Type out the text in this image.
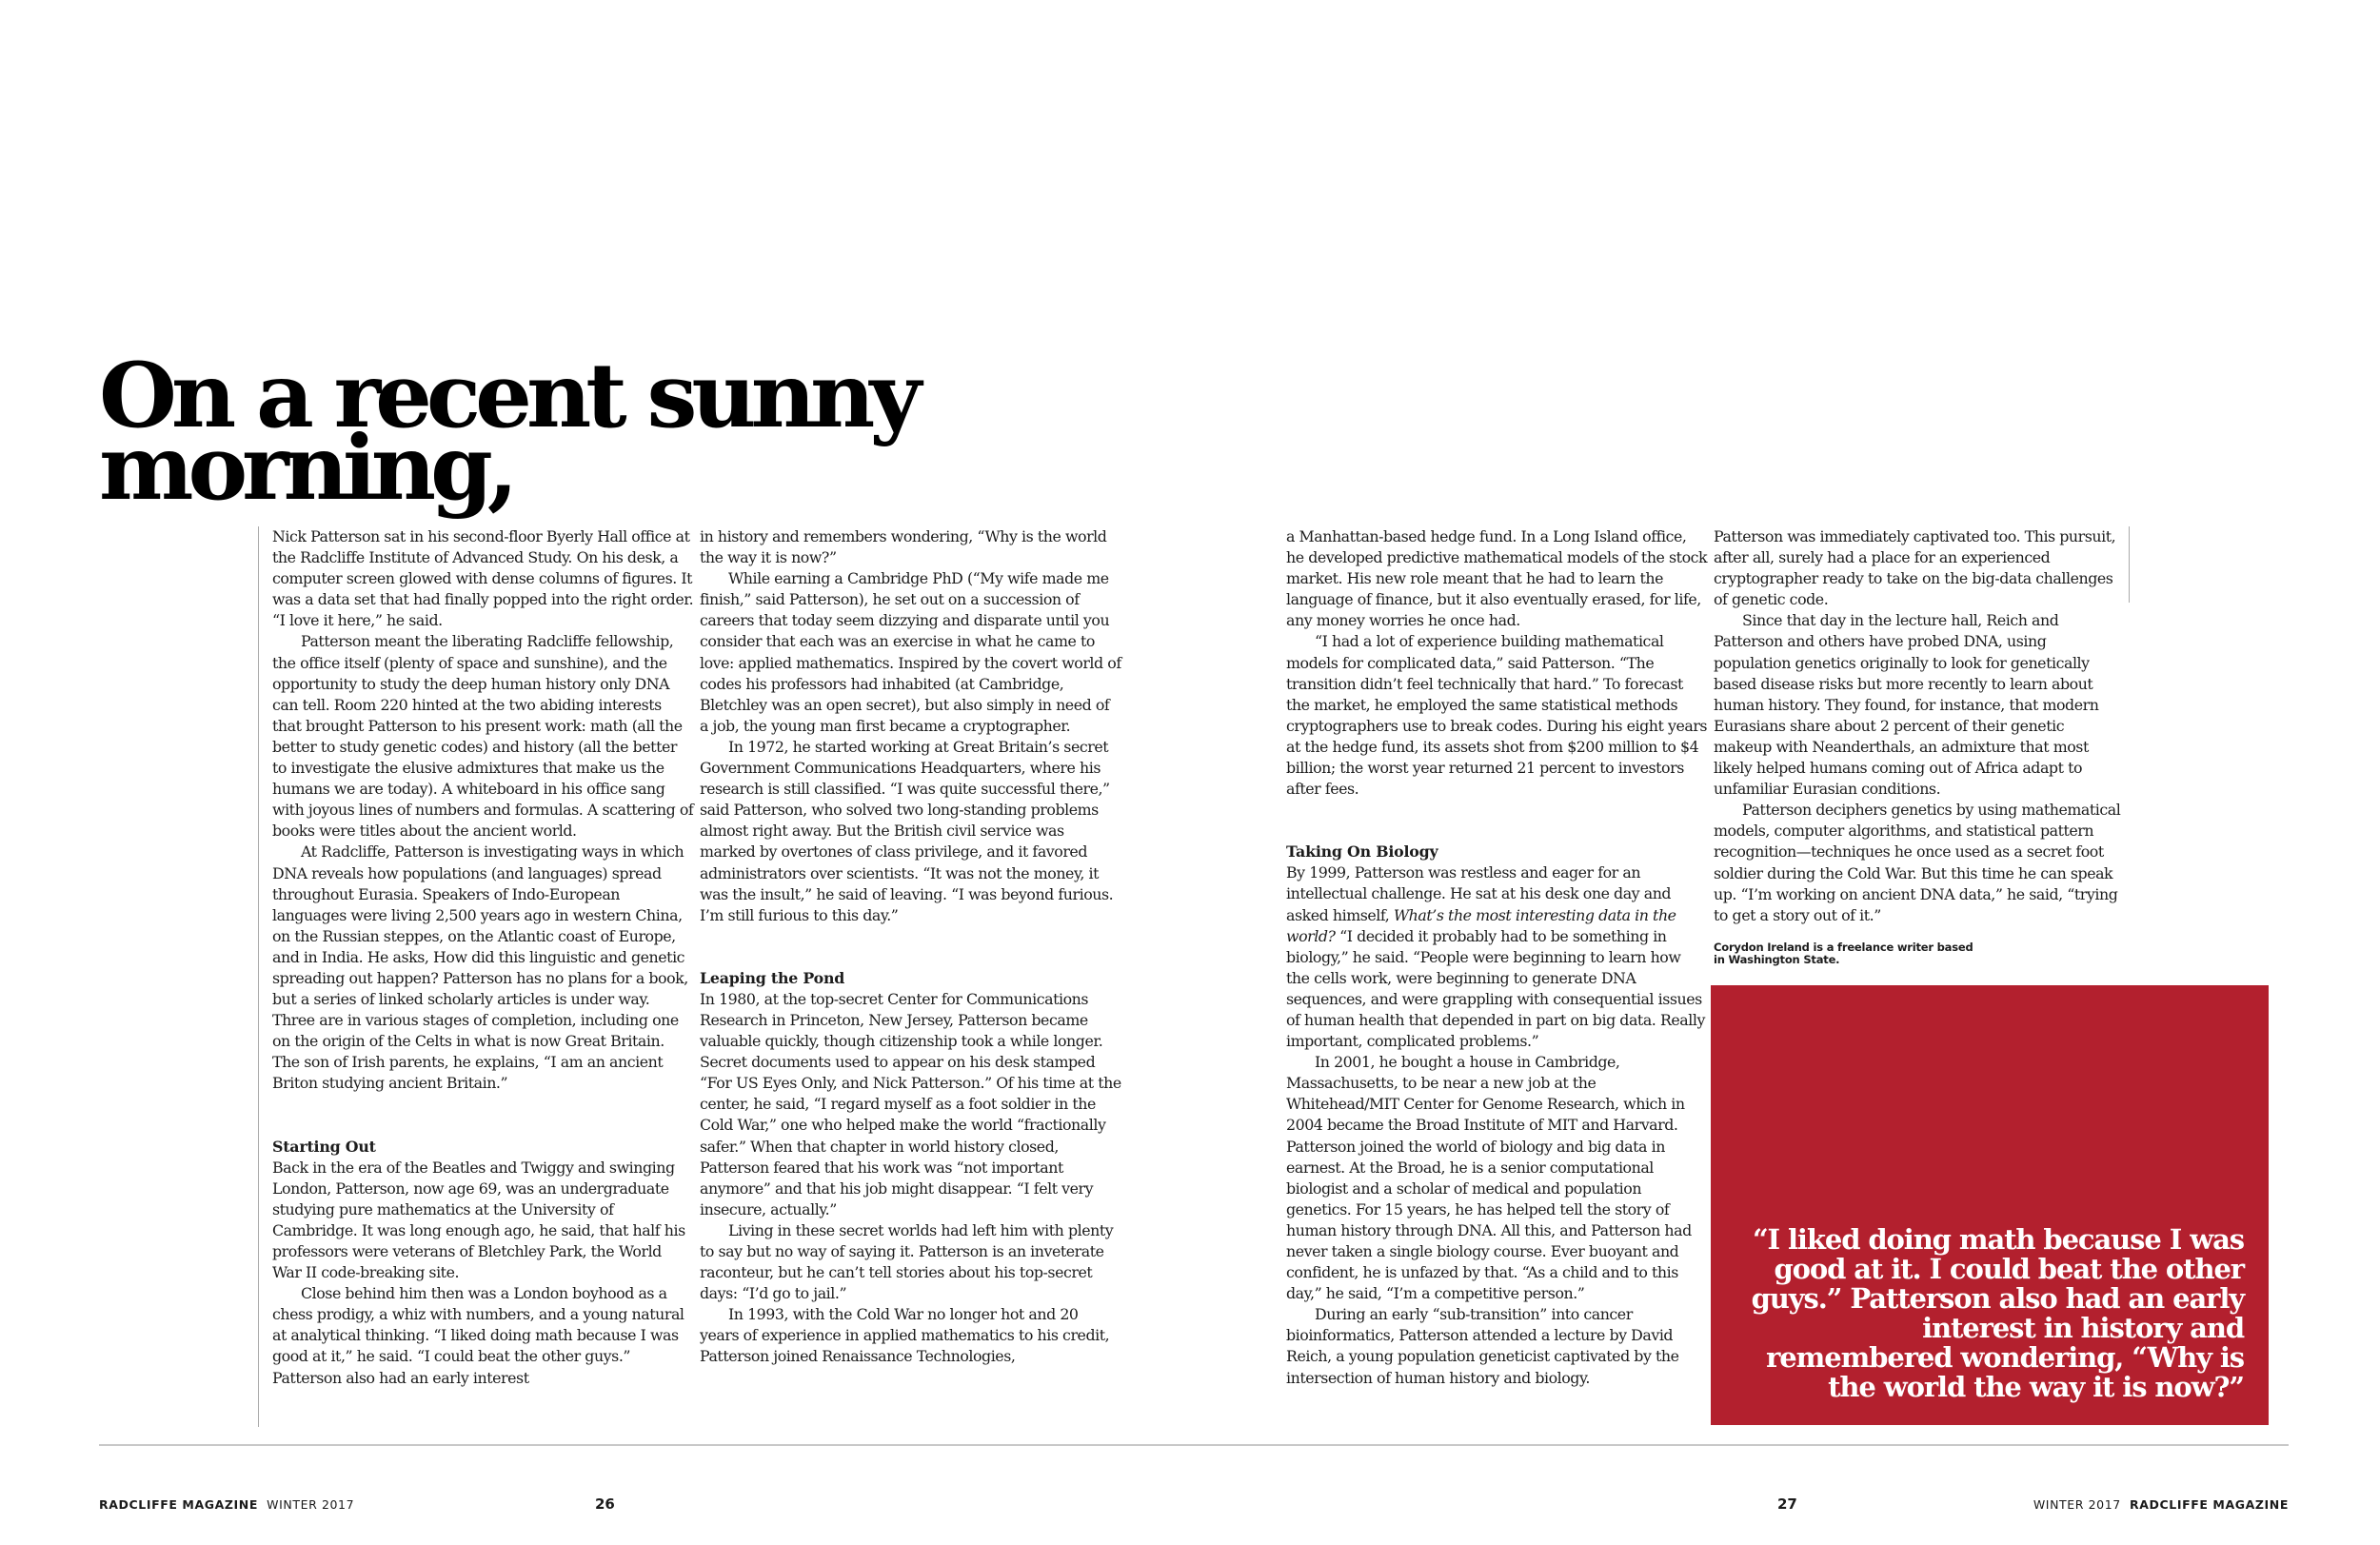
On a recent sunny morning,

Nick Patterson sat in his second-floor Byerly Hall office at the Radcliffe Institute of Advanced Study. On his desk, a computer screen glowed with dense columns of figures. It was a data set that had finally popped into the right order. “I love it here,” he said.

Patterson meant the liberating Radcliffe fellowship, the office itself (plenty of space and sunshine), and the opportunity to study the deep human history only DNA can tell. Room 220 hinted at the two abiding interests that brought Patterson to his present work: math (all the better to study genetic codes) and history (all the better to investigate the elusive admixtures that make us the humans we are today). A whiteboard in his office sang with joyous lines of numbers and formulas. A scattering of books were titles about the ancient world.

At Radcliffe, Patterson is investigating ways in which DNA reveals how populations (and languages) spread throughout Eurasia. Speakers of Indo-European languages were living 2,500 years ago in western China, on the Russian steppes, on the Atlantic coast of Europe, and in India. He asks, How did this linguistic and genetic spreading out happen? Patterson has no plans for a book, but a series of linked scholarly articles is under way. Three are in various stages of completion, including one on the origin of the Celts in what is now Great Britain. The son of Irish parents, he explains, “I am an ancient Briton studying ancient Britain.”

Starting Out

Back in the era of the Beatles and Twiggy and swinging London, Patterson, now age 69, was an undergraduate studying pure mathematics at the University of Cambridge. It was long enough ago, he said, that half his professors were veterans of Bletchley Park, the World War II code-breaking site.

Close behind him then was a London boyhood as a chess prodigy, a whiz with numbers, and a young natural at analytical thinking. “I liked doing math because I was good at it,” he said. “I could beat the other guys.” Patterson also had an early interest

in history and remembers wondering, “Why is the world the way it is now?”

While earning a Cambridge PhD (“My wife made me finish,” said Patterson), he set out on a succession of careers that today seem dizzying and disparate until you consider that each was an exercise in what he came to love: applied mathematics. Inspired by the covert world of codes his professors had inhabited (at Cambridge, Bletchley was an open secret), but also simply in need of a job, the young man first became a cryptographer.

In 1972, he started working at Great Britain’s secret Government Communications Headquarters, where his research is still classified. “I was quite successful there,” said Patterson, who solved two long-standing problems almost right away. But the British civil service was marked by overtones of class privilege, and it favored administrators over scientists. “It was not the money, it was the insult,” he said of leaving. “I was beyond furious. I’m still furious to this day.”

Leaping the Pond

In 1980, at the top-secret Center for Communications Research in Princeton, New Jersey, Patterson became valuable quickly, though citizenship took a while longer. Secret documents used to appear on his desk stamped “For US Eyes Only, and Nick Patterson.” Of his time at the center, he said, “I regard myself as a foot soldier in the Cold War,” one who helped make the world “fractionally safer.” When that chapter in world history closed, Patterson feared that his work was “not important anymore” and that his job might disappear. “I felt very insecure, actually.”

Living in these secret worlds had left him with plenty to say but no way of saying it. Patterson is an inveterate raconteur, but he can’t tell stories about his top-secret days: “I’d go to jail.”

In 1993, with the Cold War no longer hot and 20 years of experience in applied mathematics to his credit, Patterson joined Renaissance Technologies,

a Manhattan-based hedge fund. In a Long Island office, he developed predictive mathematical models of the stock market. His new role meant that he had to learn the language of finance, but it also eventually erased, for life, any money worries he once had.

“I had a lot of experience building mathematical models for complicated data,” said Patterson. “The transition didn’t feel technically that hard.” To forecast the market, he employed the same statistical methods cryptographers use to break codes. During his eight years at the hedge fund, its assets shot from $200 million to $4 billion; the worst year returned 21 percent to investors after fees.

Taking On Biology

By 1999, Patterson was restless and eager for an intellectual challenge. He sat at his desk one day and asked himself, What’s the most interesting data in the world? “I decided it probably had to be something in biology,” he said. “People were beginning to learn how the cells work, were beginning to generate DNA sequences, and were grappling with consequential issues of human health that depended in part on big data. Really important, complicated problems.”

In 2001, he bought a house in Cambridge, Massachusetts, to be near a new job at the Whitehead/MIT Center for Genome Research, which in 2004 became the Broad Institute of MIT and Harvard. Patterson joined the world of biology and big data in earnest. At the Broad, he is a senior computational biologist and a scholar of medical and population genetics. For 15 years, he has helped tell the story of human history through DNA. All this, and Patterson had never taken a single biology course. Ever buoyant and confident, he is unfazed by that. “As a child and to this day,” he said, “I’m a competitive person.”

During an early “sub-transition” into cancer bioinformatics, Patterson attended a lecture by David Reich, a young population geneticist captivated by the intersection of human history and biology.

Patterson was immediately captivated too. This pursuit, after all, surely had a place for an experienced cryptographer ready to take on the big-data challenges of genetic code.

Since that day in the lecture hall, Reich and Patterson and others have probed DNA, using population genetics originally to look for genetically based disease risks but more recently to learn about human history. They found, for instance, that modern Eurasians share about 2 percent of their genetic makeup with Neanderthals, an admixture that most likely helped humans coming out of Africa adapt to unfamiliar Eurasian conditions.

Patterson deciphers genetics by using mathematical models, computer algorithms, and statistical pattern recognition—techniques he once used as a secret foot soldier during the Cold War. But this time he can speak up. “I’m working on ancient DNA data,” he said, “trying to get a story out of it.”

Corydon Ireland is a freelance writer based
in Washington State.

“I liked doing math because I was good at it. I could beat the other guys.” Patterson also had an early interest in history and remembered wondering, “Why is the world the way it is now?”

RADCLIFFE MAGAZINE WINTER 2017	26	27	WINTER 2017 RADCLIFFE MAGAZINE
